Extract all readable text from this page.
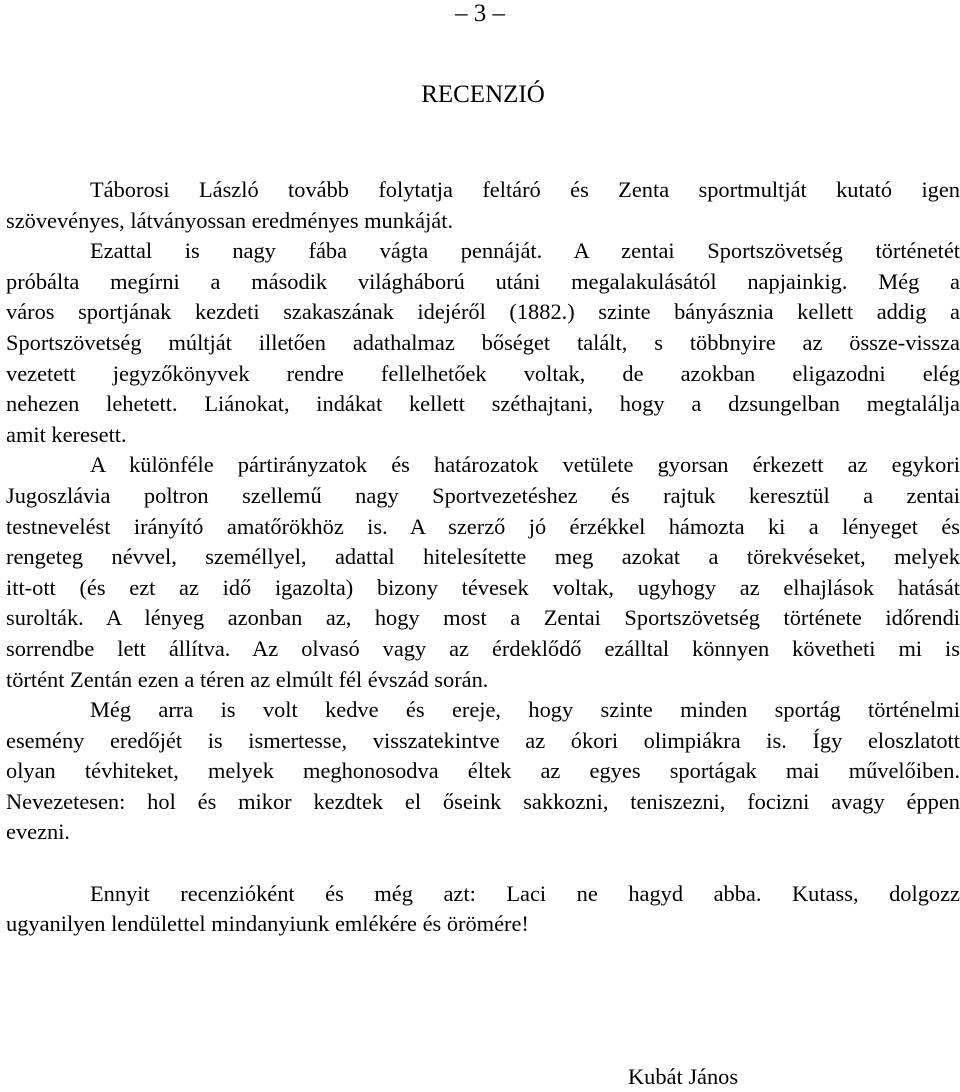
– 3 –
RECENZIÓ

Táborosi László tovább folytatja feltáró és Zenta sportmultját kutató igen
szövevényes, látványossan eredményes munkáját.

Ezattal is nagy fába vágta pennáját. A zentai Sportszövetség történetét
próbálta megírni a második világháború utáni megalakulásától napjainkig. Még a
város sportjának kezdeti szakaszának idejéről (1882.) szinte bányásznia kellett addig a
Sportszövetség múltját illetően adathalmaz bőséget talált, s többnyire az össze-vissza
vezetett jegyzőkönyvek rendre fellelhetőek voltak, de azokban eligazodni elég
nehezen lehetett. Liánokat, indákat kellett széthajtani, hogy a dzsungelban megtalálja
amit keresett.

A különféle pártirányzatok és határozatok vetülete gyorsan érkezett az egykori
Jugoszlávia poltron szellemű nagy Sportvezetéshez és rajtuk keresztül a zentai
testnevelést irányító amatőrökhöz is. A szerző jó érzékkel hámozta ki a lényeget és
rengeteg névvel, személlyel, adattal hitelesítette meg azokat a törekvéseket, melyek
itt-ott (és ezt az idő igazolta) bizony tévesek voltak, ugyhogy az elhajlások hatását
surolták. A lényeg azonban az, hogy most a Zentai Sportszövetség története időrendi
sorrendbe lett állítva. Az olvasó vagy az érdeklődő ezálltal könnyen követheti mi is
történt Zentán ezen a téren az elmúlt fél évszád során.

Még arra is volt kedve és ereje, hogy szinte minden sportág történelmi
esemény eredőjét is ismertesse, visszatekintve az ókori olimpiákra is. Így eloszlatott
olyan tévhiteket, melyek meghonosodva éltek az egyes sportágak mai művelőiben.
Nevezetesen: hol és mikor kezdtek el őseink sakkozni, teniszezni, focizni avagy éppen
evezni.

Ennyit recenzióként és még azt: Laci ne hagyd abba. Kutass, dolgozz
ugyanilyen lendülettel mindanyiunk emlékére és örömére!

Kubát János
